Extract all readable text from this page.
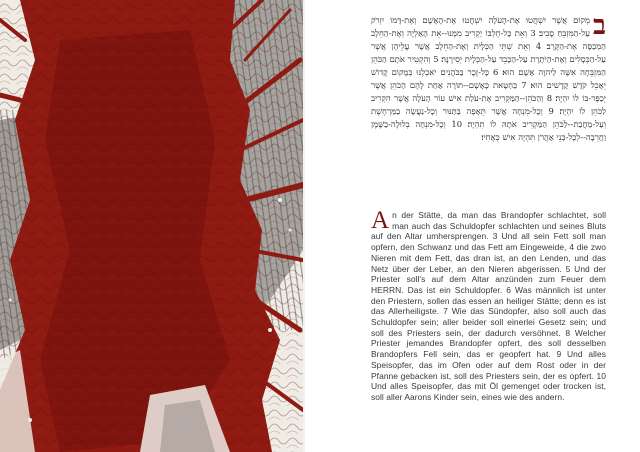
ב
מְקוֹם אֲשֶׁר יִשְׁחֲטוּ אֶת-הָעֹלָה יִשְׁחֲטוּ אֶת-הָאָשָׁם וְאֶת-דָּמוֹ יִזְרֹק עַל-הַמִּזְבֵּחַ סָבִיב׃ 3 וְאֵת כָּל-חֶלְבּוֹ יַקְרִיב מִמֶּנּוּ--אֵת הָאַלְיָה וְאֶת-הַחֵלֶב הַמְכַסֶּה אֶת-הַקֶּרֶב׃ 4 וְאֵת שְׁתֵּי הַכְּלָיֹת וְאֶת-הַחֵלֶב אֲשֶׁר עֲלֵיהֶן אֲשֶׁר עַל-הַכְּסָלִים וְאֶת-הַיֹּתֶרֶת עַל-הַכָּבֵד עַל-הַכְּלָיֹת יְסִירֶנָּה׃ 5 וְהִקְטִיר אֹתָם הַכֹּהֵן הַמִּזְבֵּחָה אִשֶּׁה לַיהוָה אָשָׁם הוּא׃ 6 כָּל-זָכָר בַּכֹּהֲנִים יֹאכְלֶנּוּ בְּמָקוֹם קָדוֹשׁ יֵאָכֵל קֹדֶשׁ קָדָשִׁים הוּא׃ 7 כַּחַטָּאת כָּאָשָׁם--תּוֹרָה אַחַת לָהֶם הַכֹּהֵן אֲשֶׁר יְכַפֶּר-בּוֹ לוֹ יִהְיֶה׃ 8 וְהַכֹּהֵן--הַמַּקְרִיב אֶת-עֹלַת אִישׁ עוֹר הָעֹלָה אֲשֶׁר הִקְרִיב לַכֹּהֵן לוֹ יִהְיֶה׃ 9 וְכָל-מִנְחָה אֲשֶׁר תֵּאָפֶה בַּתַּנּוּר וְכָל-נַעֲשָׂה בַמַּרְחֶשֶׁת וְעַל-מַחֲבַת--לַכֹּהֵן הַמַּקְרִיב אֹתָהּ לוֹ תִהְיֶה׃ 10 וְכָל-מִנְחָה בְלוּלָה-בַשֶּׁמֶן וַחֲרֵבָה--לְכָל-בְּנֵי אַהֲרֹן תִּהְיֶה אִישׁ כְּאָחִיו׃
A n der Stätte, da man das Brandopfer schlachtet, soll man auch das Schuldopfer schlachten und seines Bluts auf den Altar umhersprengen. 3 Und all sein Fett soll man opfern, den Schwanz und das Fett am Eingeweide, 4 die zwo Nieren mit dem Fett, das dran ist, an den Lenden, und das Netz über der Leber, an den Nieren abgerissen. 5 Und der Priester soll's auf dem Altar anzünden zum Feuer dem HERRN. Das ist ein Schuldopfer. 6 Was männlich ist unter den Priestern, sollen das essen an heiliger Stätte; denn es ist das Allerheiligste. 7 Wie das Sündopfer, also soll auch das Schuldopfer sein; aller beider soll einerlei Gesetz sein; und soll des Priesters sein, der dadurch versöhnet. 8 Welcher Priester jemandes Brandopfer opfert, des soll desselben Brandopfers Fell sein, das er geopfert hat. 9 Und alles Speisopfer, das im Ofen oder auf dem Rost oder in der Pfanne gebacken ist, soll des Priesters sein, der es opfert. 10 Und alles Speisopfer, das mit Öl gemenget oder trocken ist, soll aller Aarons Kinder sein, eines wie des andern.
